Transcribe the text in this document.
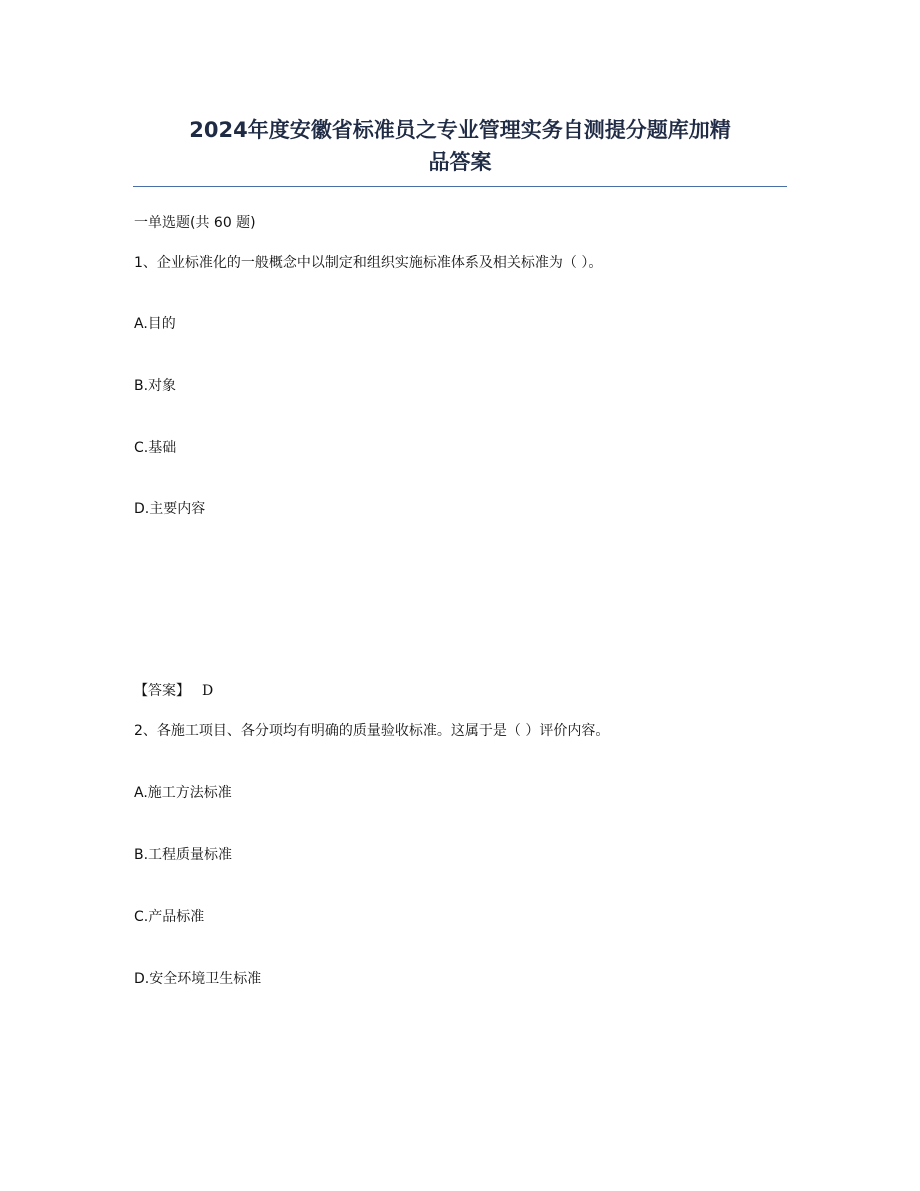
2024年度安徽省标准员之专业管理实务自测提分题库加精
品答案
一单选题(共 60 题)
1、企业标准化的一般概念中以制定和组织实施标准体系及相关标准为（ ）。
A.目的
B.对象
C.基础
D.主要内容
【答案】 D
2、各施工项目、各分项均有明确的质量验收标准。这属于是（ ）评价内容。
A.施工方法标准
B.工程质量标准
C.产品标准
D.安全环境卫生标准
